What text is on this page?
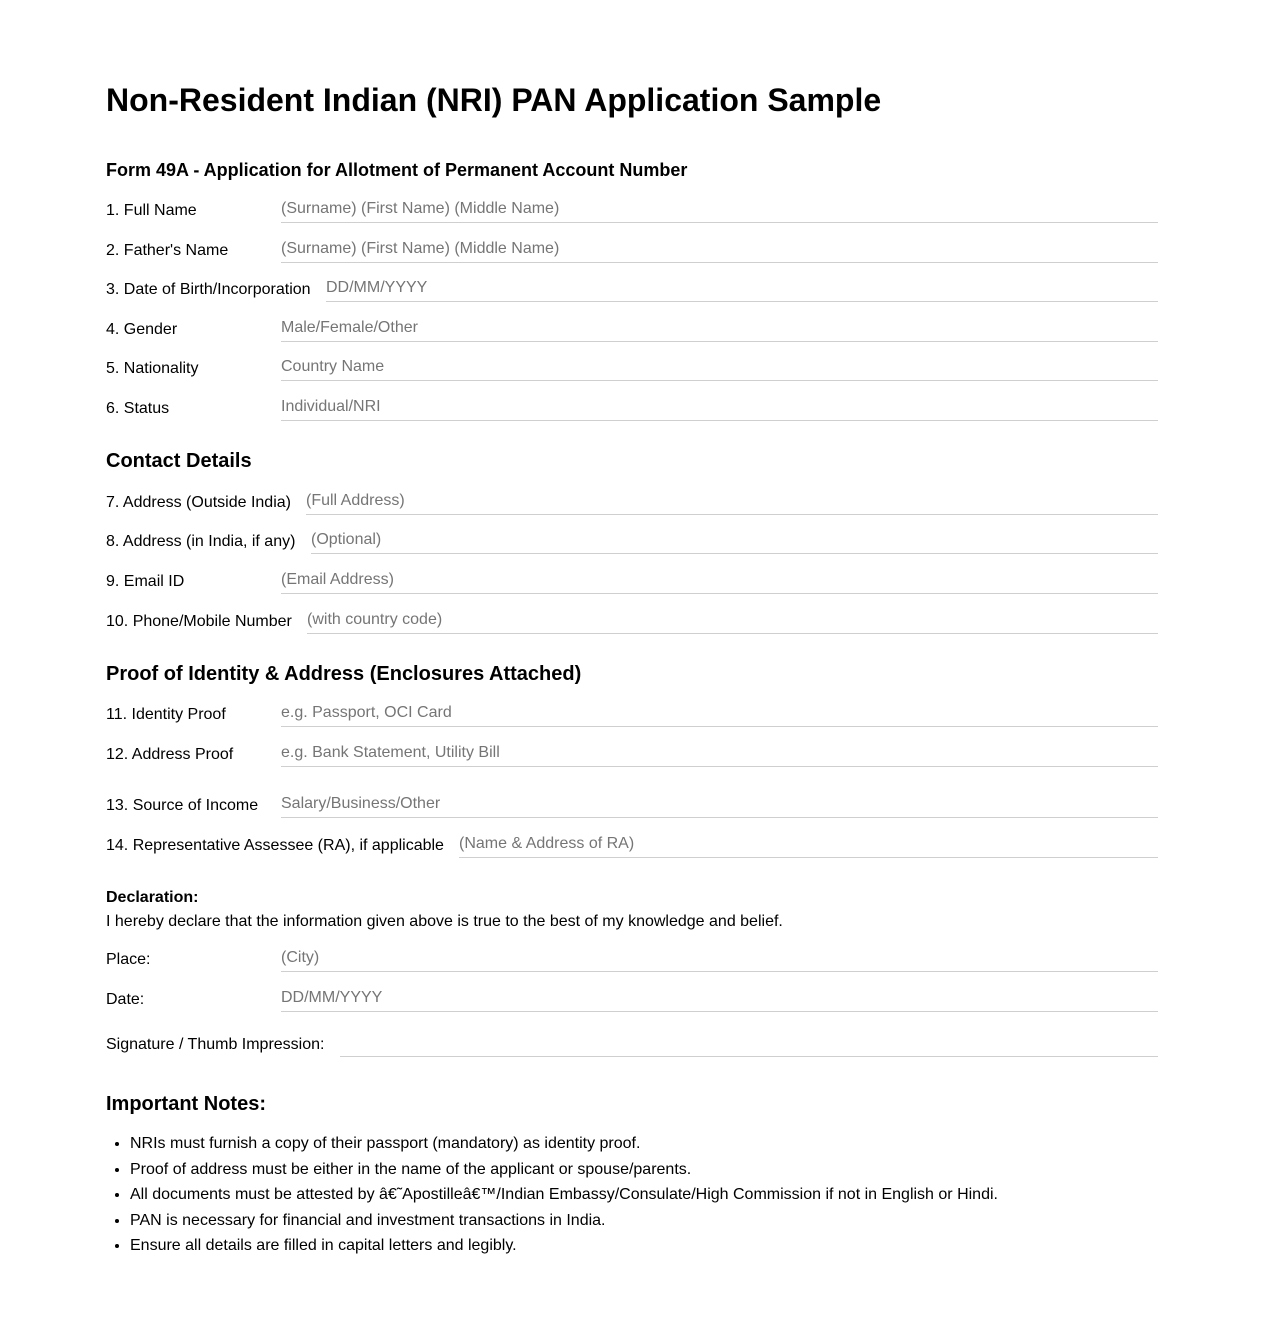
Non-Resident Indian (NRI) PAN Application Sample
Form 49A - Application for Allotment of Permanent Account Number
1. Full Name
(Surname) (First Name) (Middle Name)
2. Father's Name
(Surname) (First Name) (Middle Name)
3. Date of Birth/Incorporation
DD/MM/YYYY
4. Gender
Male/Female/Other
5. Nationality
Country Name
6. Status
Individual/NRI
Contact Details
7. Address (Outside India)
(Full Address)
8. Address (in India, if any)
(Optional)
9. Email ID
(Email Address)
10. Phone/Mobile Number
(with country code)
Proof of Identity & Address (Enclosures Attached)
11. Identity Proof
e.g. Passport, OCI Card
12. Address Proof
e.g. Bank Statement, Utility Bill
13. Source of Income
Salary/Business/Other
14. Representative Assessee (RA), if applicable
(Name & Address of RA)
Declaration:
I hereby declare that the information given above is true to the best of my knowledge and belief.
Place:
(City)
Date:
DD/MM/YYYY
Signature / Thumb Impression:
Important Notes:
• NRIs must furnish a copy of their passport (mandatory) as identity proof.
• Proof of address must be either in the name of the applicant or spouse/parents.
• All documents must be attested by â€˜Apostilleâ€™/Indian Embassy/Consulate/High Commission if not in English or Hindi.
• PAN is necessary for financial and investment transactions in India.
• Ensure all details are filled in capital letters and legibly.
